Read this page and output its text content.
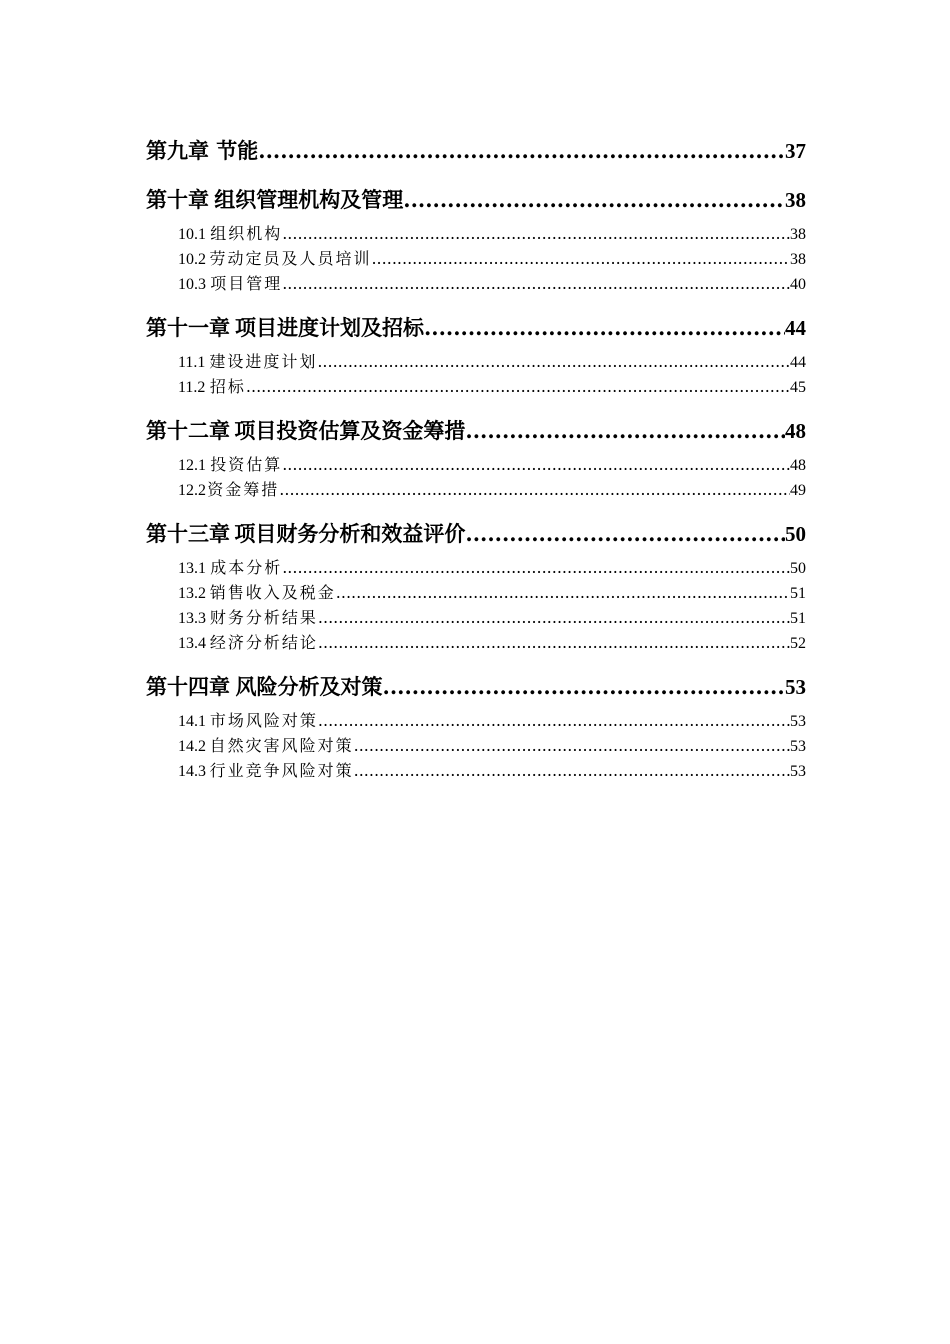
第九章 节能 .....	37
第十章 组织管理机构及管理 .....	38
10.1 组织机构 .....	38
10.2 劳动定员及人员培训 .....	38
10.3 项目管理 .....	40
第十一章 项目进度计划及招标 .....	44
11.1 建设进度计划 .....	44
11.2 招标 .....	45
第十二章 项目投资估算及资金筹措 .....	48
12.1 投资估算 .....	48
12.2 资金筹措 .....	49
第十三章 项目财务分析和效益评价 .....	50
13.1 成本分析 .....	50
13.2 销售收入及税金 .....	51
13.3 财务分析结果 .....	51
13.4 经济分析结论 .....	52
第十四章 风险分析及对策 .....	53
14.1 市场风险对策 .....	53
14.2 自然灾害风险对策 .....	53
14.3 行业竞争风险对策 .....	53
